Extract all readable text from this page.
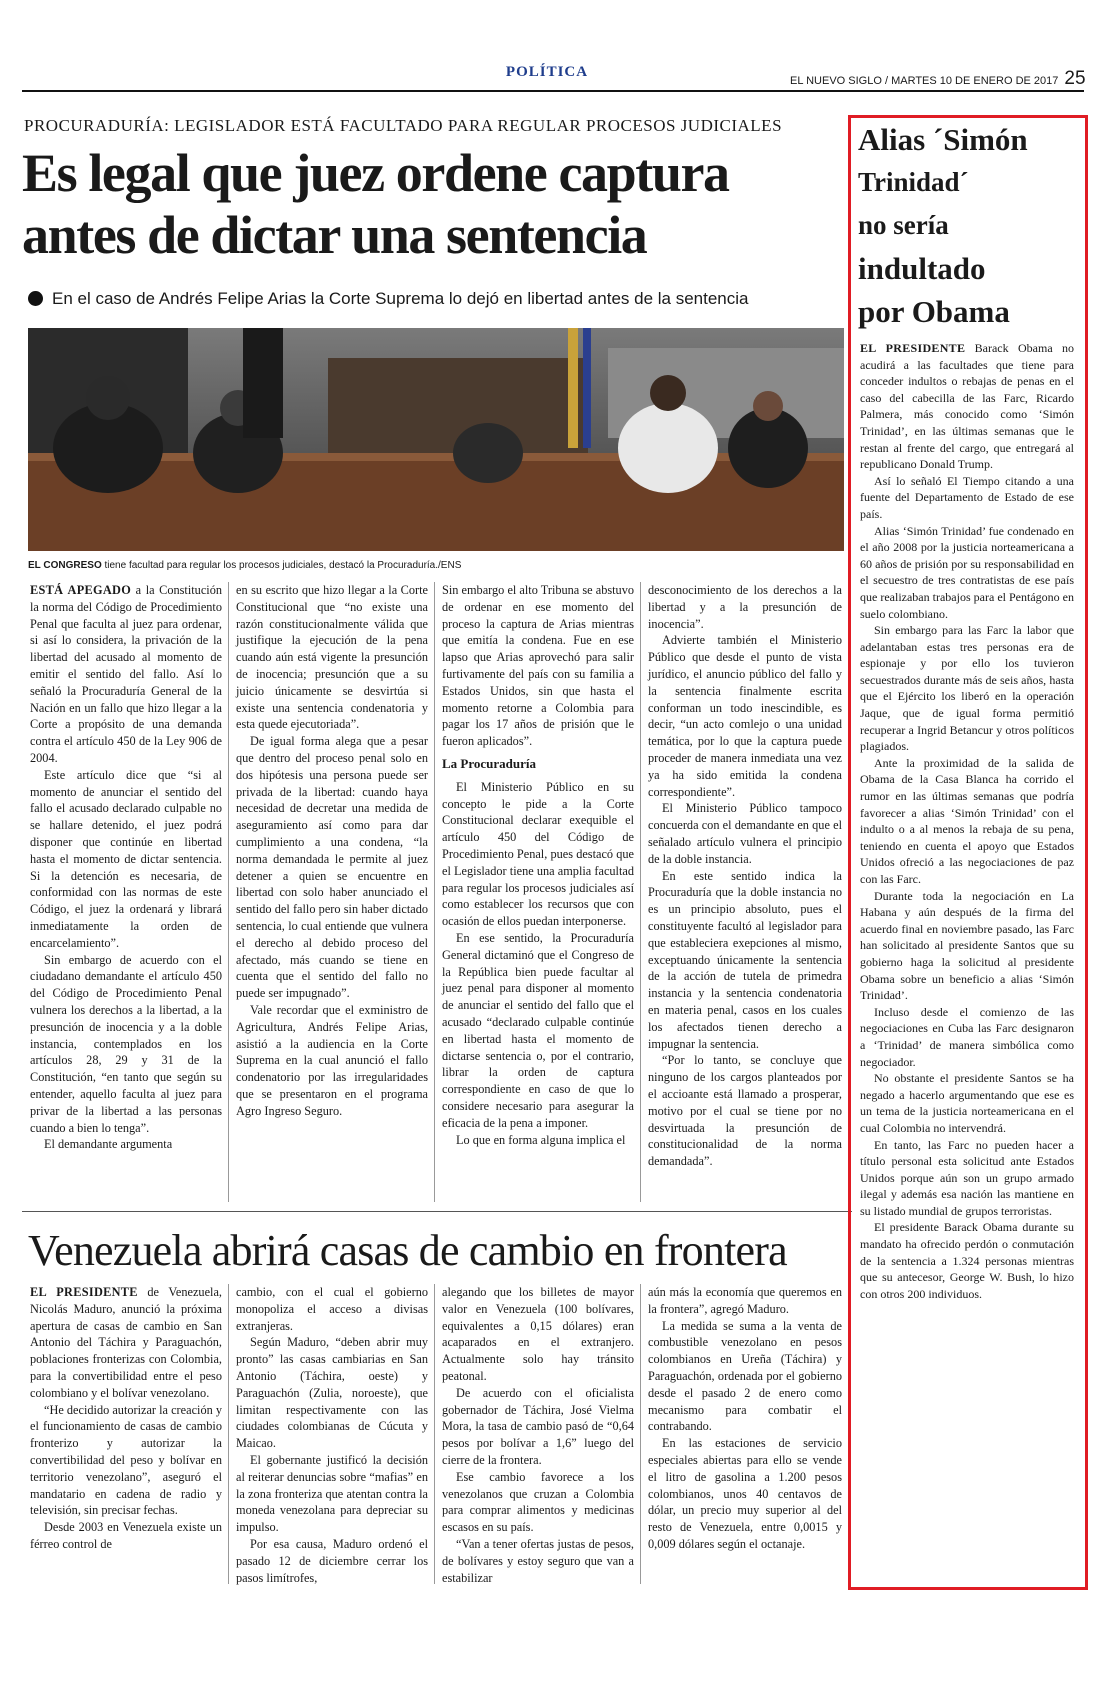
POLÍTICA
EL NUEVO SIGLO / MARTES 10 DE ENERO DE 2017 25
PROCURADURÍA: LEGISLADOR ESTÁ FACULTADO PARA REGULAR PROCESOS JUDICIALES
Es legal que juez ordene captura
antes de dictar una sentencia
En el caso de Andrés Felipe Arias la Corte Suprema lo dejó en libertad antes de la sentencia
EL CONGRESO tiene facultad para regular los procesos judiciales, destacó la Procuraduría./ENS

ESTÁ APEGADO a la Constitución la norma del Código de Procedimiento Penal que faculta al juez para ordenar, si así lo considera, la privación de la libertad del acusado al momento de emitir el sentido del fallo. Así lo señaló la Procuraduría General de la Nación en un fallo que hizo llegar a la Corte a propósito de una demanda contra el artículo 450 de la Ley 906 de 2004.

Este artículo dice que “si al momento de anunciar el sentido del fallo el acusado declarado culpable no se hallare detenido, el juez podrá disponer que continúe en libertad hasta el momento de dictar sentencia. Si la detención es necesaria, de conformidad con las normas de este Código, el juez la ordenará y librará inmediatamente la orden de encarcelamiento”.

Sin embargo de acuerdo con el ciudadano demandante el artículo 450 del Código de Procedimiento Penal vulnera los derechos a la libertad, a la presunción de inocencia y a la doble instancia, contemplados en los artículos 28, 29 y 31 de la Constitución, “en tanto que según su entender, aquello faculta al juez para privar de la libertad a las personas cuando a bien lo tenga”.

El demandante argumenta

en su escrito que hizo llegar a la Corte Constitucional que “no existe una razón constitucionalmente válida que justifique la ejecución de la pena cuando aún está vigente la presunción de inocencia; presunción que a su juicio únicamente se desvirtúa si existe una sentencia condenatoria y esta quede ejecutoriada”.

De igual forma alega que a pesar que dentro del proceso penal solo en dos hipótesis una persona puede ser privada de la libertad: cuando haya necesidad de decretar una medida de aseguramiento así como para dar cumplimiento a una condena, “la norma demandada le permite al juez detener a quien se encuentre en libertad con solo haber anunciado el sentido del fallo pero sin haber dictado sentencia, lo cual entiende que vulnera el derecho al debido proceso del afectado, más cuando se tiene en cuenta que el sentido del fallo no puede ser impugnado”.

Vale recordar que el exministro de Agricultura, Andrés Felipe Arias, asistió a la audiencia en la Corte Suprema en la cual anunció el fallo condenatorio por las irregularidades que se presentaron en el programa Agro Ingreso Seguro.

Sin embargo el alto Tribuna se abstuvo de ordenar en ese momento del proceso la captura de Arias mientras que emitía la condena. Fue en ese lapso que Arias aprovechó para salir furtivamente del país con su familia a Estados Unidos, sin que hasta el momento retorne a Colombia para pagar los 17 años de prisión que le fueron aplicados”.

La Procuraduría

El Ministerio Público en su concepto le pide a la Corte Constitucional declarar exequible el artículo 450 del Código de Procedimiento Penal, pues destacó que el Legislador tiene una amplia facultad para regular los procesos judiciales así como establecer los recursos que con ocasión de ellos puedan interponerse.

En ese sentido, la Procuraduría General dictaminó que el Congreso de la República bien puede facultar al juez penal para disponer al momento de anunciar el sentido del fallo que el acusado “declarado culpable continúe en libertad hasta el momento de dictarse sentencia o, por el contrario, librar la orden de captura correspondiente en caso de que lo considere necesario para asegurar la eficacia de la pena a imponer.

Lo que en forma alguna implica el

desconocimiento de los derechos a la libertad y a la presunción de inocencia”.

Advierte también el Ministerio Público que desde el punto de vista jurídico, el anuncio público del fallo y la sentencia finalmente escrita conforman un todo inescindible, es decir, “un acto comlejo o una unidad temática, por lo que la captura puede proceder de manera inmediata una vez ya ha sido emitida la condena correspondiente”.

El Ministerio Público tampoco concuerda con el demandante en que el señalado artículo vulnera el principio de la doble instancia.

En este sentido indica la Procuraduría que la doble instancia no es un principio absoluto, pues el constituyente facultó al legislador para que estableciera exepciones al mismo, exceptuando únicamente la sentencia de la acción de tutela de primedra instancia y la sentencia condenatoria en materia penal, casos en los cuales los afectados tienen derecho a impugnar la sentencia.

“Por lo tanto, se concluye que ninguno de los cargos planteados por el accioante está llamado a prosperar, motivo por el cual se tiene por no desvirtuada la presunción de constitucionalidad de la norma demandada”.

Venezuela abrirá casas de cambio en frontera

EL PRESIDENTE de Venezuela, Nicolás Maduro, anunció la próxima apertura de casas de cambio en San Antonio del Táchira y Paraguachón, poblaciones fronterizas con Colombia, para la convertibilidad entre el peso colombiano y el bolívar venezolano.

“He decidido autorizar la creación y el funcionamiento de casas de cambio fronterizo y autorizar la convertibilidad del peso y bolívar en territorio venezolano”, aseguró el mandatario en cadena de radio y televisión, sin precisar fechas.

Desde 2003 en Venezuela existe un férreo control de

cambio, con el cual el gobierno monopoliza el acceso a divisas extranjeras.

Según Maduro, “deben abrir muy pronto” las casas cambiarias en San Antonio (Táchira, oeste) y Paraguachón (Zulia, noroeste), que limitan respectivamente con las ciudades colombianas de Cúcuta y Maicao.

El gobernante justificó la decisión al reiterar denuncias sobre “mafias” en la zona fronteriza que atentan contra la moneda venezolana para depreciar su impulso.

Por esa causa, Maduro ordenó el pasado 12 de diciembre cerrar los pasos limítrofes,

alegando que los billetes de mayor valor en Venezuela (100 bolívares, equivalentes a 0,15 dólares) eran acaparados en el extranjero. Actualmente solo hay tránsito peatonal.

De acuerdo con el oficialista gobernador de Táchira, José Vielma Mora, la tasa de cambio pasó de “0,64 pesos por bolívar a 1,6” luego del cierre de la frontera.

Ese cambio favorece a los venezolanos que cruzan a Colombia para comprar alimentos y medicinas escasos en su país.

“Van a tener ofertas justas de pesos, de bolívares y estoy seguro que van a estabilizar

aún más la economía que queremos en la frontera”, agregó Maduro.

La medida se suma a la venta de combustible venezolano en pesos colombianos en Ureña (Táchira) y Paraguachón, ordenada por el gobierno desde el pasado 2 de enero como mecanismo para combatir el contrabando.

En las estaciones de servicio especiales abiertas para ello se vende el litro de gasolina a 1.200 pesos colombianos, unos 40 centavos de dólar, un precio muy superior al del resto de Venezuela, entre 0,0015 y 0,009 dólares según el octanaje.

Alias ´Simón
Trinidad´
no sería
indultado
por Obama

EL PRESIDENTE Barack Obama no acudirá a las facultades que tiene para conceder indultos o rebajas de penas en el caso del cabecilla de las Farc, Ricardo Palmera, más conocido como ‘Simón Trinidad’, en las últimas semanas que le restan al frente del cargo, que entregará al republicano Donald Trump.

Así lo señaló El Tiempo citando a una fuente del Departamento de Estado de ese país.

Alias ‘Simón Trinidad’ fue condenado en el año 2008 por la justicia norteamericana a 60 años de prisión por su responsabilidad en el secuestro de tres contratistas de ese país que realizaban trabajos para el Pentágono en suelo colombiano.

Sin embargo para las Farc la labor que adelantaban estas tres personas era de espionaje y por ello los tuvieron secuestrados durante más de seis años, hasta que el Ejército los liberó en la operación Jaque, que de igual forma permitió recuperar a Ingrid Betancur y otros políticos plagiados.

Ante la proximidad de la salida de Obama de la Casa Blanca ha corrido el rumor en las últimas semanas que podría favorecer a alias ‘Simón Trinidad’ con el indulto o a al menos la rebaja de su pena, teniendo en cuenta el apoyo que Estados Unidos ofreció a las negociaciones de paz con las Farc.

Durante toda la negociación en La Habana y aún después de la firma del acuerdo final en noviembre pasado, las Farc han solicitado al presidente Santos que su gobierno haga la solicitud al presidente Obama sobre un beneficio a alias ‘Simón Trinidad’.

Incluso desde el comienzo de las negociaciones en Cuba las Farc designaron a ‘Trinidad’ de manera simbólica como negociador.

No obstante el presidente Santos se ha negado a hacerlo argumentando que ese es un tema de la justicia norteamericana en el cual Colombia no intervendrá.

En tanto, las Farc no pueden hacer a título personal esta solicitud ante Estados Unidos porque aún son un grupo armado ilegal y además esa nación las mantiene en su listado mundial de grupos terroristas.

El presidente Barack Obama durante su mandato ha ofrecido perdón o conmutación de la sentencia a 1.324 personas mientras que su antecesor, George W. Bush, lo hizo con otros 200 individuos.
